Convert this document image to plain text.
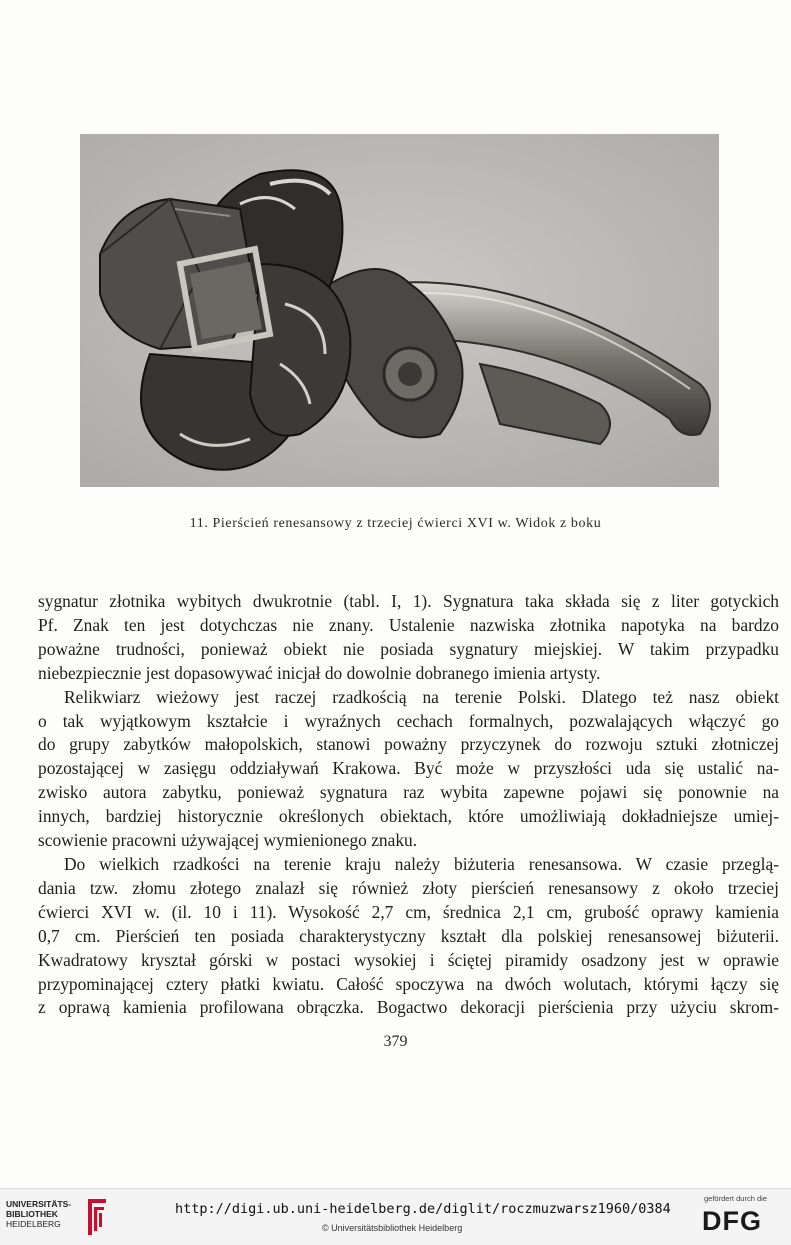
11. Pierścień renesansowy z trzeciej ćwierci XVI w. Widok z boku
sygnatur złotnika wybitych dwukrotnie (tabl. I, 1). Sygnatura taka składa się z liter gotyckich
Pf. Znak ten jest dotychczas nie znany. Ustalenie nazwiska złotnika napotyka na bardzo
poważne trudności, ponieważ obiekt nie posiada sygnatury miejskiej. W takim przypadku
niebezpiecznie jest dopasowywać inicjał do dowolnie dobranego imienia artysty.
Relikwiarz wieżowy jest raczej rzadkością na terenie Polski. Dlatego też nasz obiekt
o tak wyjątkowym kształcie i wyraźnych cechach formalnych, pozwalających włączyć go
do grupy zabytków małopolskich, stanowi poważny przyczynek do rozwoju sztuki złotniczej
pozostającej w zasięgu oddziaływań Krakowa. Być może w przyszłości uda się ustalić na-
zwisko autora zabytku, ponieważ sygnatura raz wybita zapewne pojawi się ponownie na
innych, bardziej historycznie określonych obiektach, które umożliwiają dokładniejsze umiej-
scowienie pracowni używającej wymienionego znaku.
Do wielkich rzadkości na terenie kraju należy biżuteria renesansowa. W czasie przeglą-
dania tzw. złomu złotego znalazł się również złoty pierścień renesansowy z około trzeciej
ćwierci XVI w. (il. 10 i 11). Wysokość 2,7 cm, średnica 2,1 cm, grubość oprawy kamienia
0,7 cm. Pierścień ten posiada charakterystyczny kształt dla polskiej renesansowej biżuterii.
Kwadratowy kryształ górski w postaci wysokiej i ściętej piramidy osadzony jest w oprawie
przypominającej cztery płatki kwiatu. Całość spoczywa na dwóch wolutach, którymi łączy się
z oprawą kamienia profilowana obrączka. Bogactwo dekoracji pierścienia przy użyciu skrom-
379
UNIVERSITÄTS-
BIBLIOTHEK
HEIDELBERG
http://digi.ub.uni-heidelberg.de/diglit/roczmuzwarsz1960/0384
© Universitätsbibliothek Heidelberg
gefördert durch die
DFG
